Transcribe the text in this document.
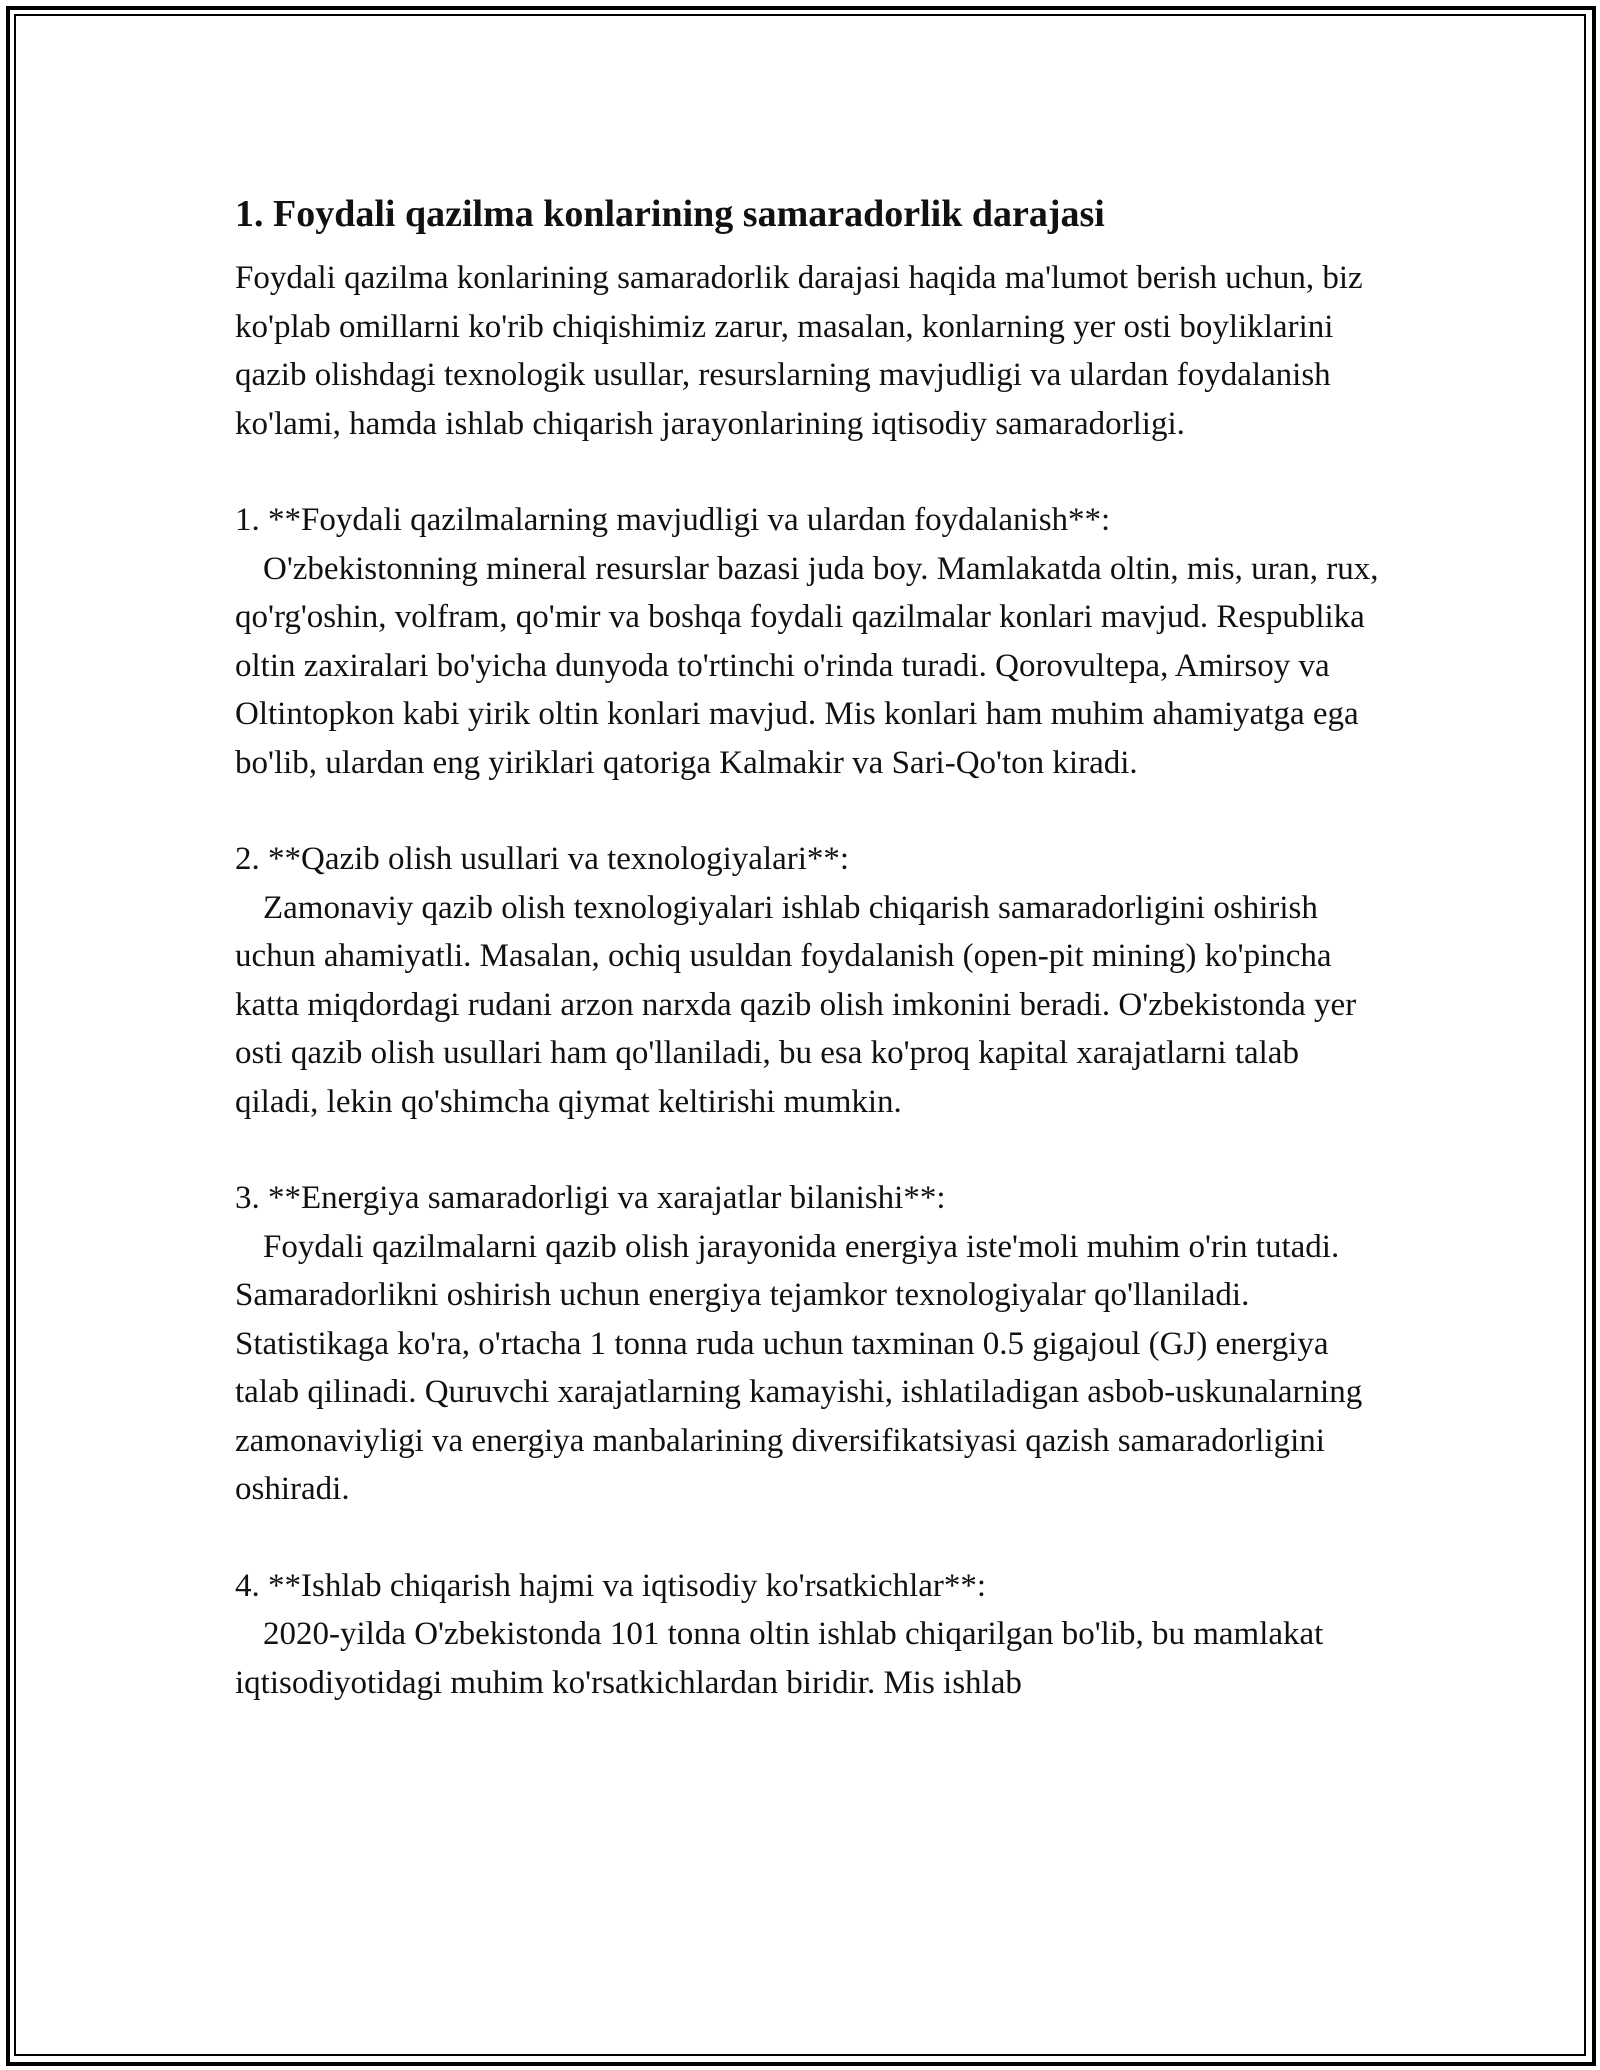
1. Foydali qazilma konlarining samaradorlik darajasi

Foydali qazilma konlarining samaradorlik darajasi haqida ma'lumot berish uchun, biz ko'plab omillarni ko'rib chiqishimiz zarur, masalan, konlarning yer osti boyliklarini qazib olishdagi texnologik usullar, resurslarning mavjudligi va ulardan foydalanish ko'lami, hamda ishlab chiqarish jarayonlarining iqtisodiy samaradorligi.

1. **Foydali qazilmalarning mavjudligi va ulardan foydalanish**:

O'zbekistonning mineral resurslar bazasi juda boy. Mamlakatda oltin, mis, uran, rux, qo'rg'oshin, volfram, qo'mir va boshqa foydali qazilmalar konlari mavjud. Respublika oltin zaxiralari bo'yicha dunyoda to'rtinchi o'rinda turadi. Qorovultepa, Amirsoy va Oltintopkon kabi yirik oltin konlari mavjud. Mis konlari ham muhim ahamiyatga ega bo'lib, ulardan eng yiriklari qatoriga Kalmakir va Sari-Qo'ton kiradi.

2. **Qazib olish usullari va texnologiyalari**:

Zamonaviy qazib olish texnologiyalari ishlab chiqarish samaradorligini oshirish uchun ahamiyatli. Masalan, ochiq usuldan foydalanish (open-pit mining) ko'pincha katta miqdordagi rudani arzon narxda qazib olish imkonini beradi. O'zbekistonda yer osti qazib olish usullari ham qo'llaniladi, bu esa ko'proq kapital xarajatlarni talab qiladi, lekin qo'shimcha qiymat keltirishi mumkin.

3. **Energiya samaradorligi va xarajatlar bilanishi**:

Foydali qazilmalarni qazib olish jarayonida energiya iste'moli muhim o'rin tutadi. Samaradorlikni oshirish uchun energiya tejamkor texnologiyalar qo'llaniladi. Statistikaga ko'ra, o'rtacha 1 tonna ruda uchun taxminan 0.5 gigajoul (GJ) energiya talab qilinadi. Quruvchi xarajatlarning kamayishi, ishlatiladigan asbob-uskunalarning zamonaviyligi va energiya manbalarining diversifikatsiyasi qazish samaradorligini oshiradi.

4. **Ishlab chiqarish hajmi va iqtisodiy ko'rsatkichlar**:

2020-yilda O'zbekistonda 101 tonna oltin ishlab chiqarilgan bo'lib, bu mamlakat iqtisodiyotidagi muhim ko'rsatkichlardan biridir. Mis ishlab
